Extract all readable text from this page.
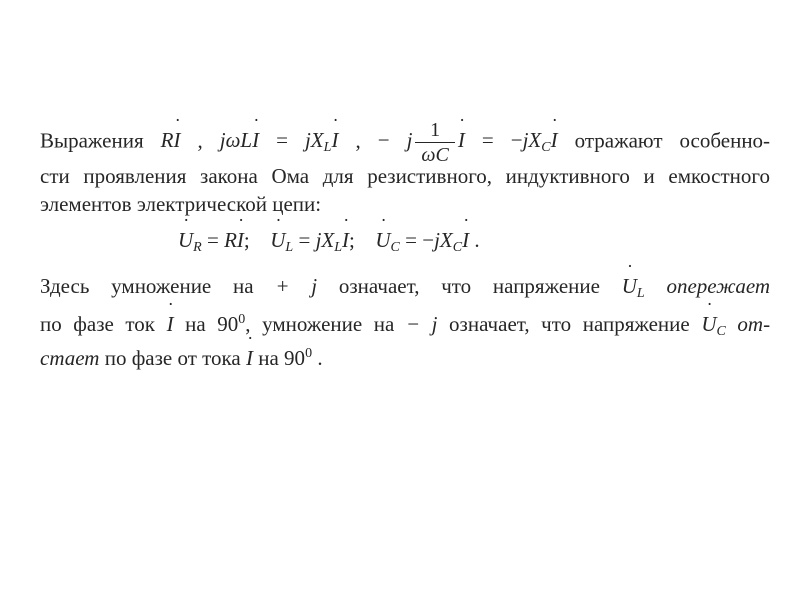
Выражения RI ˙ , jωLI ˙ = $jX_LI$ ˙ , − j $\frac{1}{\omega C}$ I ˙ = $-jX_CI$ ˙ отражают особенно-
сти проявления закона Ома для резистивного, индуктивного и емкостного
элементов электрической цепи:
U $˙_R$ = RI ˙; U $˙_L = jX_LI$ ˙; U $˙_C = -jX_CI$ ˙ .
Здесь умножение на + j означает, что напряжение U $˙_L$ опережает
по фазе ток I ˙ на $90^0$, умножение на − j означает, что напряжение U $˙_C$ от-
стает по фазе от тока I ˙ на $90^0$ .
